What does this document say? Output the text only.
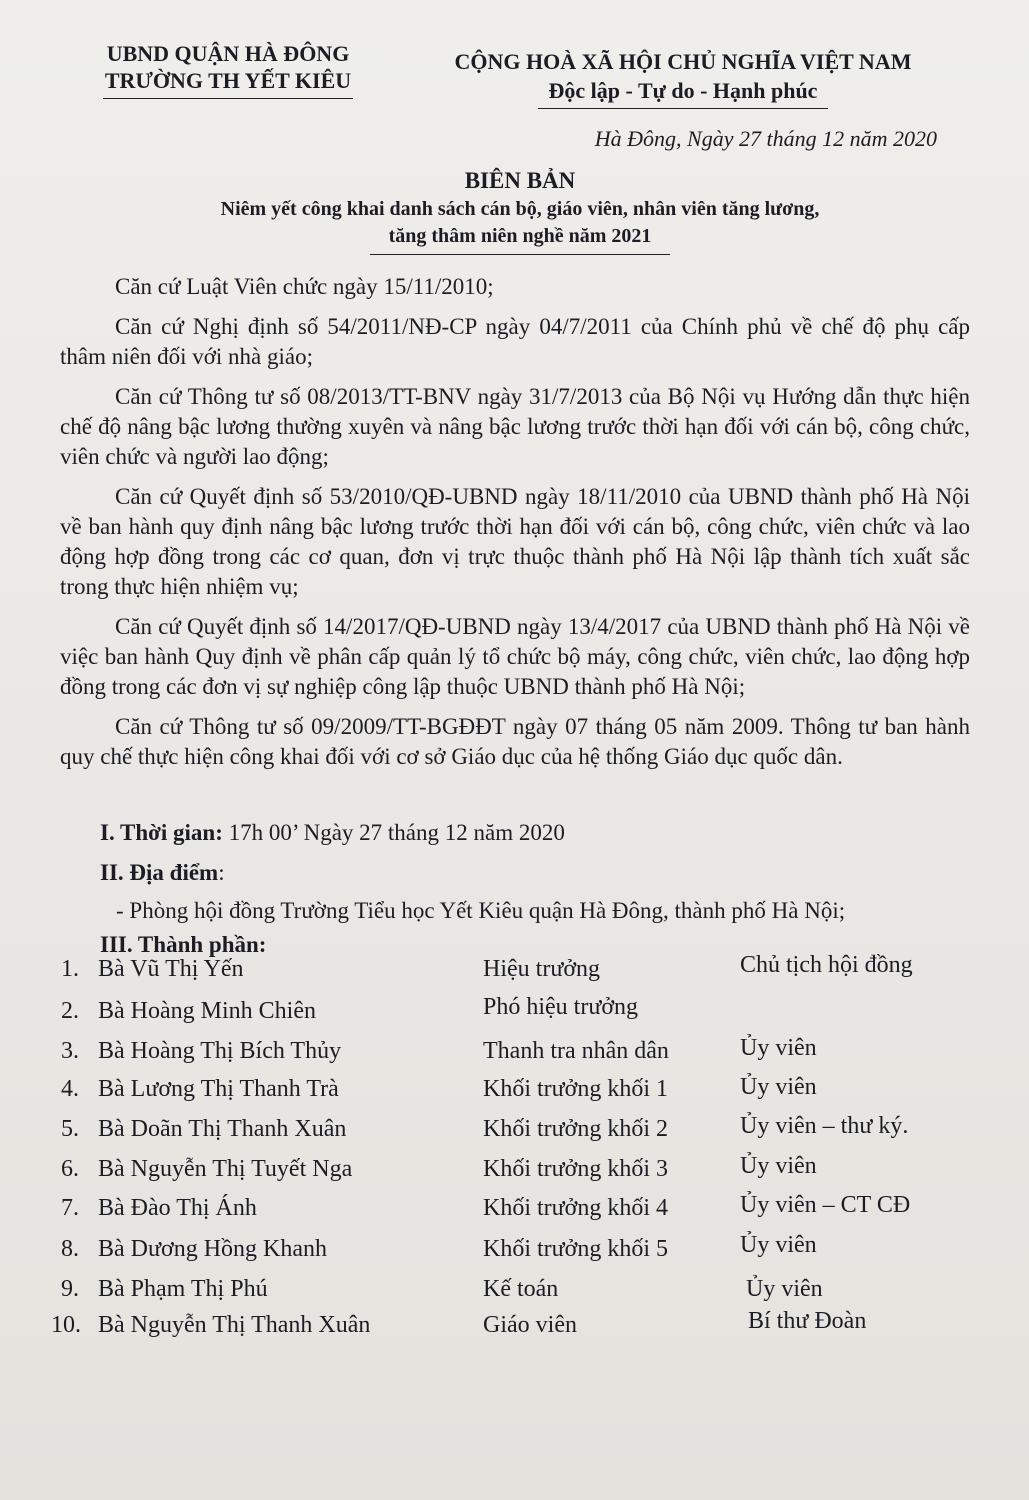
UBND QUẬN HÀ ĐÔNG
TRƯỜNG TH YẾT KIÊU
CỘNG HOÀ XÃ HỘI CHỦ NGHĨA VIỆT NAM
Độc lập - Tự do - Hạnh phúc
Hà Đông, Ngày 27 tháng 12 năm 2020
BIÊN BẢN
Niêm yết công khai danh sách cán bộ, giáo viên, nhân viên tăng lương,
tăng thâm niên nghề năm 2021

Căn cứ Luật Viên chức ngày 15/11/2010;

Căn cứ Nghị định số 54/2011/NĐ-CP ngày 04/7/2011 của Chính phủ về chế độ phụ cấp thâm niên đối với nhà giáo;

Căn cứ Thông tư số 08/2013/TT-BNV ngày 31/7/2013 của Bộ Nội vụ Hướng dẫn thực hiện chế độ nâng bậc lương thường xuyên và nâng bậc lương trước thời hạn đối với cán bộ, công chức, viên chức và người lao động;

Căn cứ Quyết định số 53/2010/QĐ-UBND ngày 18/11/2010 của UBND thành phố Hà Nội về ban hành quy định nâng bậc lương trước thời hạn đối với cán bộ, công chức, viên chức và lao động hợp đồng trong các cơ quan, đơn vị trực thuộc thành phố Hà Nội lập thành tích xuất sắc trong thực hiện nhiệm vụ;

Căn cứ Quyết định số 14/2017/QĐ-UBND ngày 13/4/2017 của UBND thành phố Hà Nội về việc ban hành Quy định về phân cấp quản lý tổ chức bộ máy, công chức, viên chức, lao động hợp đồng trong các đơn vị sự nghiệp công lập thuộc UBND thành phố Hà Nội;

Căn cứ Thông tư số 09/2009/TT-BGĐĐT ngày 07 tháng 05 năm 2009. Thông tư ban hành quy chế thực hiện công khai đối với cơ sở Giáo dục của hệ thống Giáo dục quốc dân.

I. Thời gian: 17h 00’ Ngày 27 tháng 12 năm 2020
II. Địa điểm:
- Phòng hội đồng Trường Tiểu học Yết Kiêu quận Hà Đông, thành phố Hà Nội;
III. Thành phần:
1. Bà Vũ Thị Yến	Hiệu trưởng	Chủ tịch hội đồng
2. Bà Hoàng Minh Chiên	Phó hiệu trưởng
3. Bà Hoàng Thị Bích Thủy	Thanh tra nhân dân	Ủy viên
4. Bà Lương Thị Thanh Trà	Khối trưởng khối 1	Ủy viên
5. Bà Doãn Thị Thanh Xuân	Khối trưởng khối 2	Ủy viên – thư ký.
6. Bà Nguyễn Thị Tuyết Nga	Khối trưởng khối 3	Ủy viên
7. Bà Đào Thị Ánh	Khối trưởng khối 4	Ủy viên – CT CĐ
8. Bà Dương Hồng Khanh	Khối trưởng khối 5	Ủy viên
9. Bà Phạm Thị Phú	Kế toán	Ủy viên
10. Bà Nguyễn Thị Thanh Xuân	Giáo viên	Bí thư Đoàn
